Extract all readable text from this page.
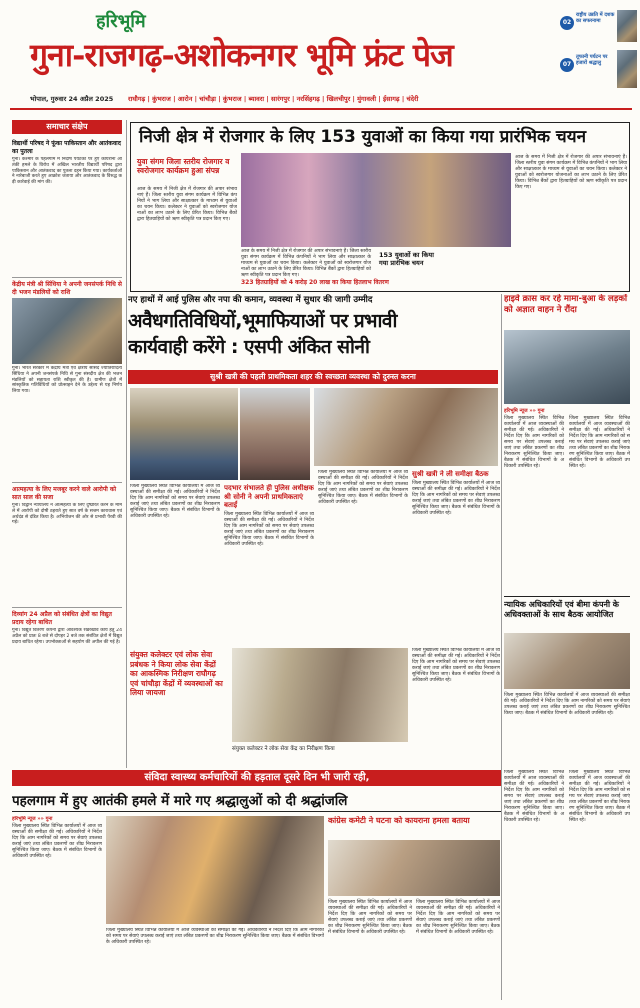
हरिभूमि
गुना-राजगढ़-अशोकनगर भूमि फ्रंट पेज
भोपाल, गुरुवार 24 अप्रैल 2025 राघौगढ़ | कुंभराज | आरोन | चांचौड़ा | कुंभराज | ब्यावरा | सारंगपुर | नरसिंहगढ़ | खिलचीपुर | मुंगावली | ईसागढ़ | चंदेरी
02
राष्ट्रीय उन्नति में दशक का सफरनामा
07
तूफानी पर्यटन पर हजारों श्रद्धालु
समाचार संक्षेप
विद्यार्थी परिषद ने फूंका पाकिस्तान और आतंकवाद का पुतला
गुना। कश्मीर के पहलगाम में निर्दोष पर्यटकों पर हुए कायराना आतंकी हमले के विरोध में अखिल भारतीय विद्यार्थी परिषद द्वारा पाकिस्तान और आतंकवाद का पुतला दहन किया गया। कार्यकर्ताओं ने नारेबाजी करते हुए आक्रोश जताया और आतंकवाद के विरुद्ध कड़ी कार्रवाई की मांग की।
केंद्रीय मंत्री श्री सिंधिया ने अपनी जनसंपर्क निधि से दी भजन मंडलियों को राशि
गुना। भारत सरकार में केंद्रीय मंत्री एवं क्षेत्रीय सांसद ज्योतिरादित्य सिंधिया ने अपनी जनसंपर्क निधि से गुना संसदीय क्षेत्र की भजन मंडलियों को सहायता राशि स्वीकृत की है। ग्रामीण क्षेत्रों में सांस्कृतिक गतिविधियों को प्रोत्साहन देने के उद्देश्य से यह निर्णय लिया गया।
आत्महत्या के लिए मजबूर करने वाले आरोपी को सात साल की सजा
गुना। विद्वान न्यायालय ने आत्महत्या के लिए दुष्प्रेरित करने के मामले में आरोपी को दोषी ठहराते हुए सात वर्ष के सश्रम कारावास एवं अर्थदंड से दंडित किया है। अभियोजन की ओर से प्रभावी पैरवी की गई।
दिव्यांग 24 अप्रैल को संबंधित क्षेत्रों का विद्युत प्रदाय रहेगा बाधित
गुना। विद्युत वितरण कंपनी द्वारा आवश्यक रखरखाव कार्य हेतु 24 अप्रैल को प्रातः 8 बजे से दोपहर 2 बजे तक संबंधित क्षेत्रों में विद्युत प्रदाय बाधित रहेगा। उपभोक्ताओं से सहयोग की अपील की गई है।
निजी क्षेत्र में रोजगार के लिए 153 युवाओं का किया गया प्रारंभिक चयन
युवा संगम जिला स्तरीय रोजगार व स्वरोजगार कार्यक्रम हुआ संपन्न
आज के समय में निजी क्षेत्र में रोजगार की अपार संभावनाएं हैं। जिला स्तरीय युवा संगम कार्यक्रम में विभिन्न कंपनियों ने भाग लिया और साक्षात्कार के माध्यम से युवाओं का चयन किया। कलेक्टर ने युवाओं को स्वरोजगार योजनाओं का लाभ उठाने के लिए प्रेरित किया। विभिन्न बैंकों द्वारा हितग्राहियों को ऋण स्वीकृति पत्र प्रदान किए गए।
आज के समय में निजी क्षेत्र में रोजगार की अपार संभावनाएं हैं। जिला स्तरीय युवा संगम कार्यक्रम में विभिन्न कंपनियों ने भाग लिया और साक्षात्कार के माध्यम से युवाओं का चयन किया। कलेक्टर ने युवाओं को स्वरोजगार योजनाओं का लाभ उठाने के लिए प्रेरित किया। विभिन्न बैंकों द्वारा हितग्राहियों को ऋण स्वीकृति पत्र प्रदान किए गए।
153 युवाओं का किया गया प्रारंभिक चयन
आज के समय में निजी क्षेत्र में रोजगार की अपार संभावनाएं हैं। जिला स्तरीय युवा संगम कार्यक्रम में विभिन्न कंपनियों ने भाग लिया और साक्षात्कार के माध्यम से युवाओं का चयन किया। कलेक्टर ने युवाओं को स्वरोजगार योजनाओं का लाभ उठाने के लिए प्रेरित किया। विभिन्न बैंकों द्वारा हितग्राहियों को ऋण स्वीकृति पत्र प्रदान किए गए।
323 हितग्राहियों को 4 करोड़ 20 लाख का किया हितलाभ वितरण
नए हाथों में आई पुलिस और नपा की कमान, व्यवस्था में सुधार की जागी उम्मीद
अवैधगतिविधियों,भूमाफियाओं पर प्रभावी
कार्यवाही करेंगे : एसपी अंकित सोनी
सुश्री खत्री की पहली प्राथमिकता शहर की स्वच्छता व्यवस्था को दुरुस्त करना
हाइवे क्रास कर रहे मामा-बुआ के लड़कों को अज्ञात वाहन ने रौंदा
हरिभूमि न्यूज »» गुना
जिला मुख्यालय स्थित विभिन्न कार्यालयों में आज व्यवस्थाओं की समीक्षा की गई। अधिकारियों ने निर्देश दिए कि आम नागरिकों को समय पर सेवाएं उपलब्ध कराई जाएं तथा लंबित प्रकरणों का शीघ्र निराकरण सुनिश्चित किया जाए। बैठक में संबंधित विभागों के अधिकारी उपस्थित रहे।
जिला मुख्यालय स्थित विभिन्न कार्यालयों में आज व्यवस्थाओं की समीक्षा की गई। अधिकारियों ने निर्देश दिए कि आम नागरिकों को समय पर सेवाएं उपलब्ध कराई जाएं तथा लंबित प्रकरणों का शीघ्र निराकरण सुनिश्चित किया जाए। बैठक में संबंधित विभागों के अधिकारी उपस्थित रहे।
जिला मुख्यालय स्थित विभिन्न कार्यालयों में आज व्यवस्थाओं की समीक्षा की गई। अधिकारियों ने निर्देश दिए कि आम नागरिकों को समय पर सेवाएं उपलब्ध कराई जाएं तथा लंबित प्रकरणों का शीघ्र निराकरण सुनिश्चित किया जाए। बैठक में संबंधित विभागों के अधिकारी उपस्थित रहे।
पदभार संभालते ही पुलिस अधीक्षक श्री सोनी ने अपनी प्राथमिकताएं बताईं
जिला मुख्यालय स्थित विभिन्न कार्यालयों में आज व्यवस्थाओं की समीक्षा की गई। अधिकारियों ने निर्देश दिए कि आम नागरिकों को समय पर सेवाएं उपलब्ध कराई जाएं तथा लंबित प्रकरणों का शीघ्र निराकरण सुनिश्चित किया जाए। बैठक में संबंधित विभागों के अधिकारी उपस्थित रहे।
जिला मुख्यालय स्थित विभिन्न कार्यालयों में आज व्यवस्थाओं की समीक्षा की गई। अधिकारियों ने निर्देश दिए कि आम नागरिकों को समय पर सेवाएं उपलब्ध कराई जाएं तथा लंबित प्रकरणों का शीघ्र निराकरण सुनिश्चित किया जाए। बैठक में संबंधित विभागों के अधिकारी उपस्थित रहे।
सुश्री खत्री ने ली समीक्षा बैठक
जिला मुख्यालय स्थित विभिन्न कार्यालयों में आज व्यवस्थाओं की समीक्षा की गई। अधिकारियों ने निर्देश दिए कि आम नागरिकों को समय पर सेवाएं उपलब्ध कराई जाएं तथा लंबित प्रकरणों का शीघ्र निराकरण सुनिश्चित किया जाए। बैठक में संबंधित विभागों के अधिकारी उपस्थित रहे।
संयुक्त कलेक्टर एवं लोक सेवा प्रबंधक ने किया लोक सेवा केंद्रों का आकस्मिक निरीक्षण राघौगढ़ एवं चांचौड़ा केंद्रों में व्यवस्थाओं का लिया जायजा
संयुक्त कलेक्टर ने लोक सेवा केंद्र का निरीक्षण किया
जिला मुख्यालय स्थित विभिन्न कार्यालयों में आज व्यवस्थाओं की समीक्षा की गई। अधिकारियों ने निर्देश दिए कि आम नागरिकों को समय पर सेवाएं उपलब्ध कराई जाएं तथा लंबित प्रकरणों का शीघ्र निराकरण सुनिश्चित किया जाए। बैठक में संबंधित विभागों के अधिकारी उपस्थित रहे।
न्यायिक अधिकारियों एवं बीमा कंपनी के अधिवक्ताओं के साथ बैठक आयोजित
जिला मुख्यालय स्थित विभिन्न कार्यालयों में आज व्यवस्थाओं की समीक्षा की गई। अधिकारियों ने निर्देश दिए कि आम नागरिकों को समय पर सेवाएं उपलब्ध कराई जाएं तथा लंबित प्रकरणों का शीघ्र निराकरण सुनिश्चित किया जाए। बैठक में संबंधित विभागों के अधिकारी उपस्थित रहे।
संविदा स्वास्थ्य कर्मचारियों की हड़ताल दूसरे दिन भी जारी रही,	जिला मुख्यालय स्थित विभिन्न कार्यालयों में आज व्यवस्थाओं की समीक्षा की गई। अधिकारियों ने निर्देश दिए कि आम नागरिकों को समय पर सेवाएं उपलब्ध कराई जाएं तथा लंबित प्रकरणों का शीघ्र निराकरण सुनिश्चित किया जाए। बैठक में संबंधित विभागों के अधिकारी उपस्थित रहे।
जिला मुख्यालय स्थित विभिन्न कार्यालयों में आज व्यवस्थाओं की समीक्षा की गई। अधिकारियों ने निर्देश दिए कि आम नागरिकों को समय पर सेवाएं उपलब्ध कराई जाएं तथा लंबित प्रकरणों का शीघ्र निराकरण सुनिश्चित किया जाए। बैठक में संबंधित विभागों के अधिकारी उपस्थित रहे।
पहलगाम में हुए आतंकी हमले में मारे गए श्रद्धालुओं को दी श्रद्धांजलि
हरिभूमि न्यूज »» गुना
जिला मुख्यालय स्थित विभिन्न कार्यालयों में आज व्यवस्थाओं की समीक्षा की गई। अधिकारियों ने निर्देश दिए कि आम नागरिकों को समय पर सेवाएं उपलब्ध कराई जाएं तथा लंबित प्रकरणों का शीघ्र निराकरण सुनिश्चित किया जाए। बैठक में संबंधित विभागों के अधिकारी उपस्थित रहे।
जिला मुख्यालय स्थित विभिन्न कार्यालयों में आज व्यवस्थाओं की समीक्षा की गई। अधिकारियों ने निर्देश दिए कि आम नागरिकों को समय पर सेवाएं उपलब्ध कराई जाएं तथा लंबित प्रकरणों का शीघ्र निराकरण सुनिश्चित किया जाए। बैठक में संबंधित विभागों के अधिकारी उपस्थित रहे।
कांग्रेस कमेटी ने घटना को कायराना हमला बताया
जिला मुख्यालय स्थित विभिन्न कार्यालयों में आज व्यवस्थाओं की समीक्षा की गई। अधिकारियों ने निर्देश दिए कि आम नागरिकों को समय पर सेवाएं उपलब्ध कराई जाएं तथा लंबित प्रकरणों का शीघ्र निराकरण सुनिश्चित किया जाए। बैठक में संबंधित विभागों के अधिकारी उपस्थित रहे।
जिला मुख्यालय स्थित विभिन्न कार्यालयों में आज व्यवस्थाओं की समीक्षा की गई। अधिकारियों ने निर्देश दिए कि आम नागरिकों को समय पर सेवाएं उपलब्ध कराई जाएं तथा लंबित प्रकरणों का शीघ्र निराकरण सुनिश्चित किया जाए। बैठक में संबंधित विभागों के अधिकारी उपस्थित रहे।
